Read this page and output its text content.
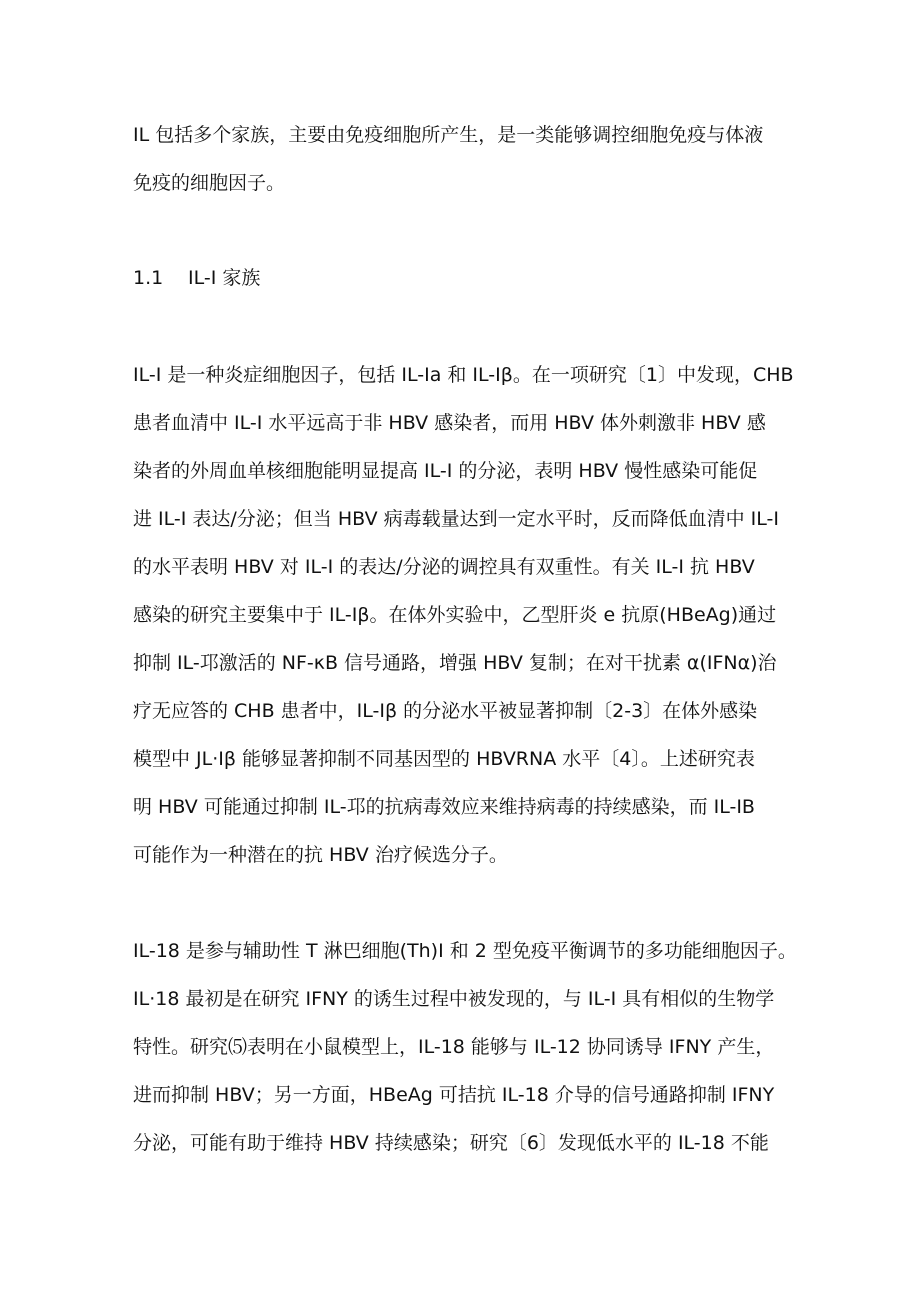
IL 包括多个家族，主要由免疫细胞所产生，是一类能够调控细胞免疫与体液
免疫的细胞因子。
1.1 IL-I 家族
IL-I 是一种炎症细胞因子，包括 IL-Ia 和 IL-Iβ。在一项研究〔1〕中发现，CHB
患者血清中 IL-I 水平远高于非 HBV 感染者，而用 HBV 体外刺激非 HBV 感
染者的外周血单核细胞能明显提高 IL-I 的分泌，表明 HBV 慢性感染可能促
进 IL-I 表达/分泌；但当 HBV 病毒载量达到一定水平时，反而降低血清中 IL-I
的水平表明 HBV 对 IL-I 的表达/分泌的调控具有双重性。有关 IL-I 抗 HBV
感染的研究主要集中于 IL-Iβ。在体外实验中，乙型肝炎 e 抗原(HBeAg)通过
抑制 IL-邛激活的 NF-κB 信号通路，增强 HBV 复制；在对干扰素 α(IFNα)治
疗无应答的 CHB 患者中，IL-Iβ 的分泌水平被显著抑制〔2-3〕在体外感染
模型中 JL·Iβ 能够显著抑制不同基因型的 HBVRNA 水平〔4〕。上述研究表
明 HBV 可能通过抑制 IL-邛的抗病毒效应来维持病毒的持续感染，而 IL-IB
可能作为一种潜在的抗 HBV 治疗候选分子。
IL-18 是参与辅助性 T 淋巴细胞(Th)I 和 2 型免疫平衡调节的多功能细胞因子。
IL·18 最初是在研究 IFNY 的诱生过程中被发现的，与 IL-I 具有相似的生物学
特性。研究⑸表明在小鼠模型上，IL-18 能够与 IL-12 协同诱导 IFNY 产生，
进而抑制 HBV；另一方面，HBeAg 可拮抗 IL-18 介导的信号通路抑制 IFNY
分泌，可能有助于维持 HBV 持续感染；研究〔6〕发现低水平的 IL-18 不能
